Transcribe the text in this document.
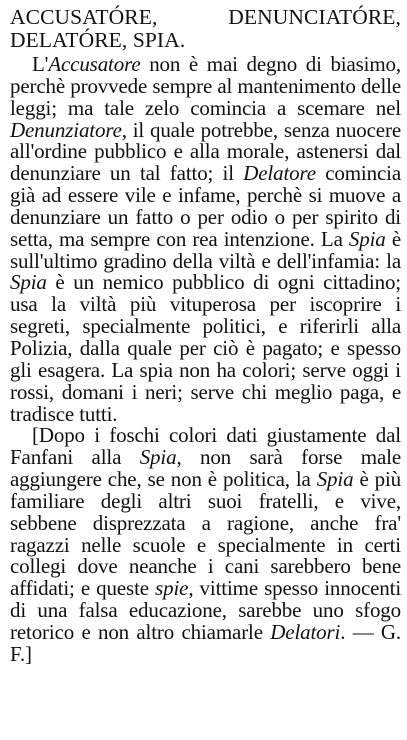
ACCUSATÓRE, DENUNCIATÓRE, DELATÓRE, SPIA.

L'Accusatore non è mai degno di biasimo, perchè provvede sempre al mantenimento delle leggi; ma tale zelo comincia a scemare nel Denunziatore, il quale potrebbe, senza nuocere all'ordine pubblico e alla morale, astenersi dal denunziare un tal fatto; il Delatore comincia già ad essere vile e infame, perchè si muove a denunziare un fatto o per odio o per spirito di setta, ma sempre con rea intenzione. La Spia è sull'ultimo gradino della viltà e dell'infamia: la Spia è un nemico pubblico di ogni cittadino; usa la viltà più vituperosa per iscoprire i segreti, specialmente politici, e riferirli alla Polizia, dalla quale per ciò è pagato; e spesso gli esagera. La spia non ha colori; serve oggi i rossi, domani i neri; serve chi meglio paga, e tradisce tutti.

[Dopo i foschi colori dati giustamente dal Fanfani alla Spia, non sarà forse male aggiungere che, se non è politica, la Spia è più familiare degli altri suoi fratelli, e vive, sebbene disprezzata a ragione, anche fra' ragazzi nelle scuole e specialmente in certi collegi dove neanche i cani sarebbero bene affidati; e queste spie, vittime spesso innocenti di una falsa educazione, sarebbe uno sfogo retorico e non altro chiamarle Delatori. — G. F.]
